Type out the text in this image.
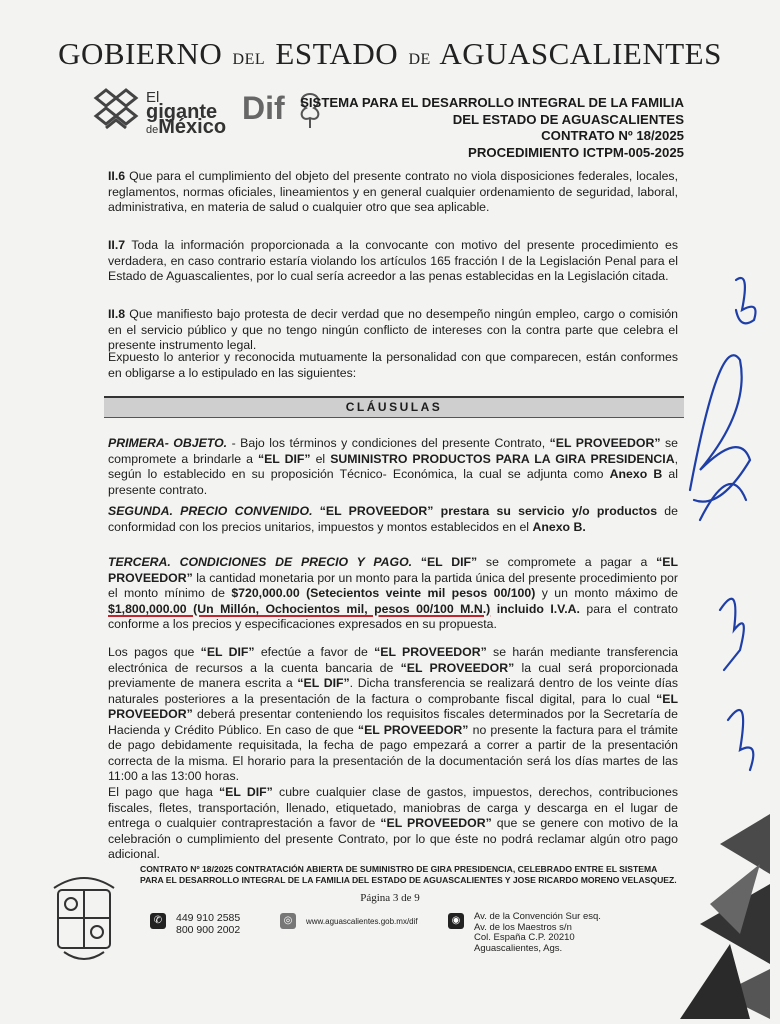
GOBIERNO DEL ESTADO DE AGUASCALIENTES
El
gigante
deMéxico
Dif SISTEMA PARA EL DESARROLLO INTEGRAL DE LA FAMILIA
DEL ESTADO DE AGUASCALIENTES
CONTRATO Nº 18/2025
PROCEDIMIENTO ICTPM-005-2025
II.6 Que para el cumplimiento del objeto del presente contrato no viola disposiciones federales, locales, reglamentos, normas oficiales, lineamientos y en general cualquier ordenamiento de seguridad, laboral, administrativa, en materia de salud o cualquier otro que sea aplicable.
II.7 Toda la información proporcionada a la convocante con motivo del presente procedimiento es verdadera, en caso contrario estaría violando los artículos 165 fracción I de la Legislación Penal para el Estado de Aguascalientes, por lo cual sería acreedor a las penas establecidas en la Legislación citada.
II.8 Que manifiesto bajo protesta de decir verdad que no desempeño ningún empleo, cargo o comisión en el servicio público y que no tengo ningún conflicto de intereses con la contra parte que celebra el presente instrumento legal.
Expuesto lo anterior y reconocida mutuamente la personalidad con que comparecen, están conformes en obligarse a lo estipulado en las siguientes:
CLÁUSULAS
PRIMERA- OBJETO. - Bajo los términos y condiciones del presente Contrato, “EL PROVEEDOR” se compromete a brindarle a “EL DIF” el SUMINISTRO PRODUCTOS PARA LA GIRA PRESIDENCIA, según lo establecido en su proposición Técnico- Económica, la cual se adjunta como Anexo B al presente contrato.
SEGUNDA. PRECIO CONVENIDO. “EL PROVEEDOR” prestara su servicio y/o productos de conformidad con los precios unitarios, impuestos y montos establecidos en el Anexo B.
TERCERA. CONDICIONES DE PRECIO Y PAGO. “EL DIF” se compromete a pagar a “EL PROVEEDOR” la cantidad monetaria por un monto para la partida única del presente procedimiento por el monto mínimo de $720,000.00 (Setecientos veinte mil pesos 00/100) y un monto máximo de $1,800,000.00 (Un Millón, Ochocientos mil, pesos 00/100 M.N.) incluido I.V.A. para el contrato conforme a los precios y especificaciones expresados en su propuesta.
Los pagos que “EL DIF” efectúe a favor de “EL PROVEEDOR” se harán mediante transferencia electrónica de recursos a la cuenta bancaria de “EL PROVEEDOR” la cual será proporcionada previamente de manera escrita a “EL DIF”. Dicha transferencia se realizará dentro de los veinte días naturales posteriores a la presentación de la factura o comprobante fiscal digital, para lo cual “EL PROVEEDOR” deberá presentar conteniendo los requisitos fiscales determinados por la Secretaría de Hacienda y Crédito Público. En caso de que “EL PROVEEDOR” no presente la factura para el trámite de pago debidamente requisitada, la fecha de pago empezará a correr a partir de la presentación correcta de la misma. El horario para la presentación de la documentación será los días martes de las 11:00 a las 13:00 horas.
El pago que haga “EL DIF” cubre cualquier clase de gastos, impuestos, derechos, contribuciones fiscales, fletes, transportación, llenado, etiquetado, maniobras de carga y descarga en el lugar de entrega o cualquier contraprestación a favor de “EL PROVEEDOR” que se genere con motivo de la celebración o cumplimiento del presente Contrato, por lo que éste no podrá reclamar algún otro pago adicional.
CONTRATO Nº 18/2025 CONTRATACIÓN ABIERTA DE SUMINISTRO DE GIRA PRESIDENCIA, CELEBRADO ENTRE EL SISTEMA PARA EL DESARROLLO INTEGRAL DE LA FAMILIA DEL ESTADO DE AGUASCALIENTES Y JOSE RICARDO MORENO VELASQUEZ.
Página 3 de 9
✆	449 910 2585
800 900 2002
◎	www.aguascalientes.gob.mx/dif	◉	Av. de la Convención Sur esq.
Av. de los Maestros s/n
Col. España C.P. 20210
Aguascalientes, Ags.
